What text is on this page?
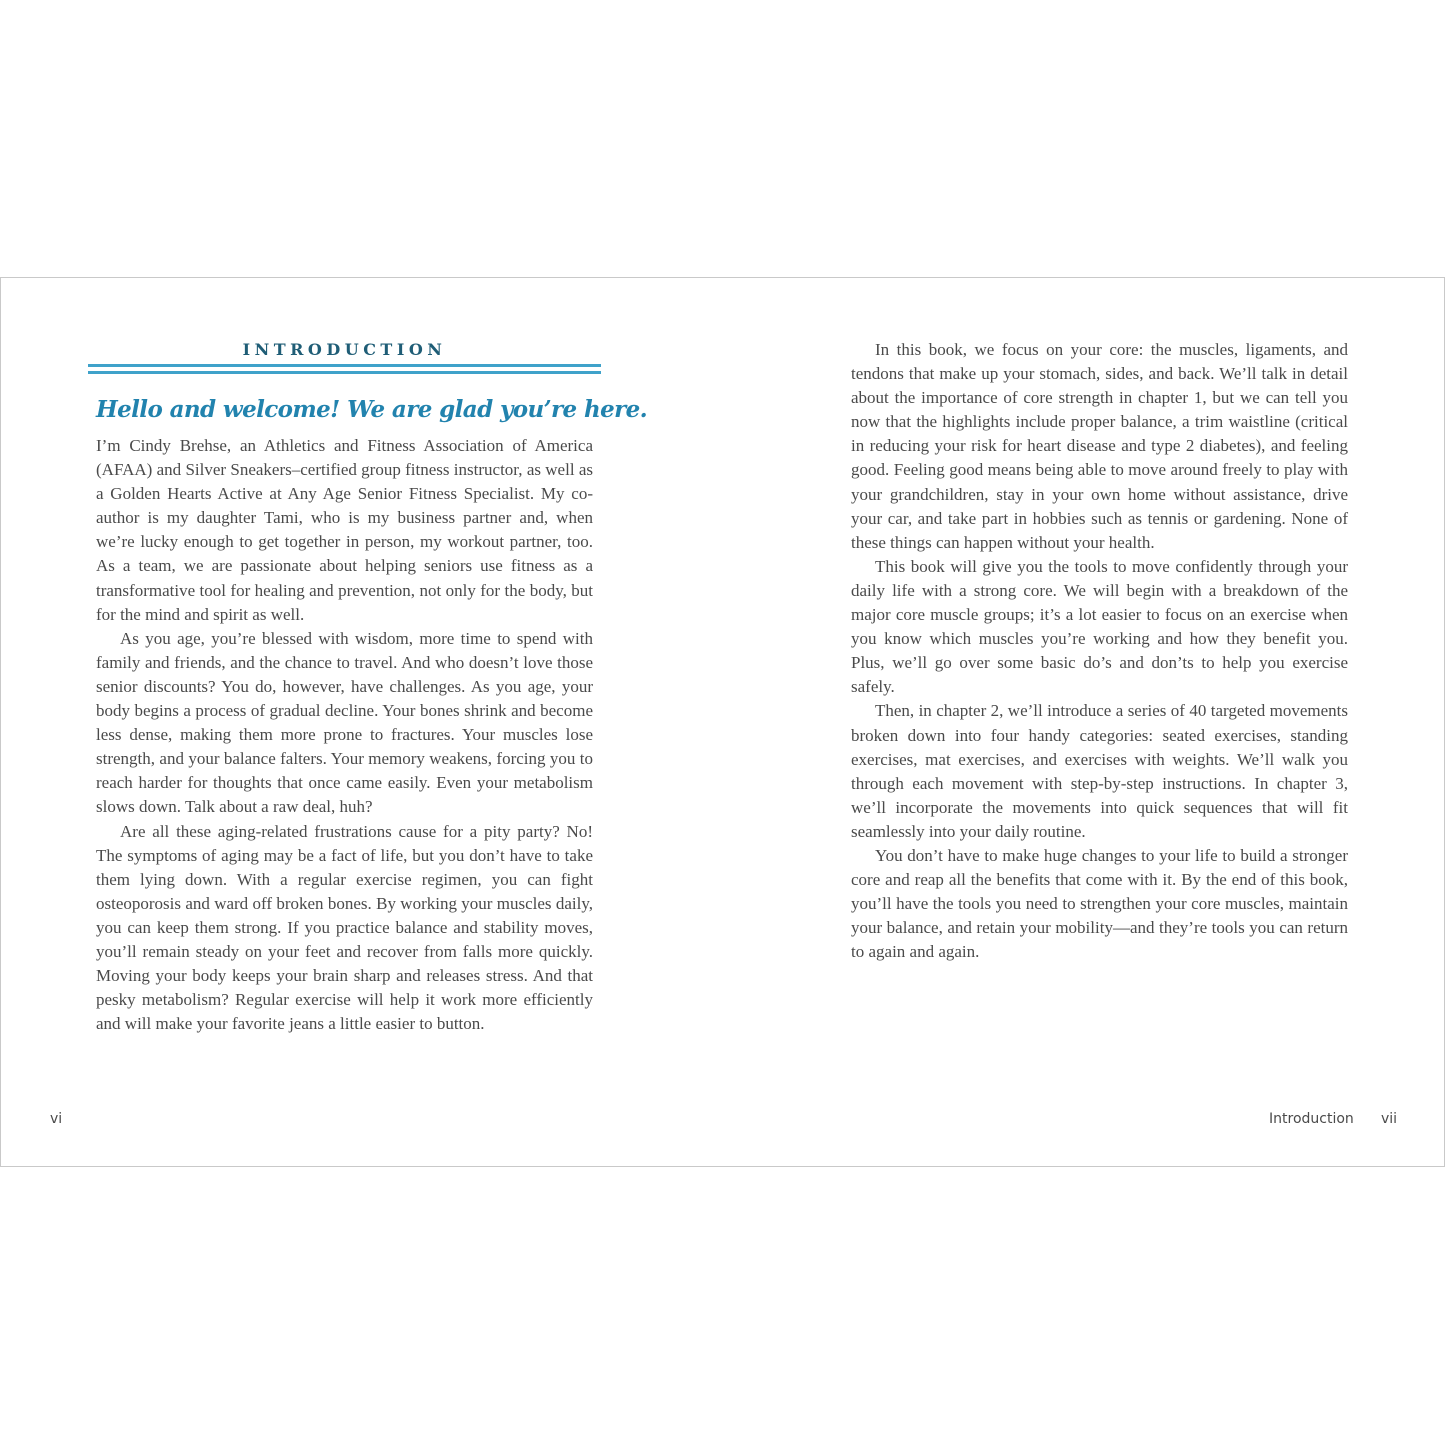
INTRODUCTION
Hello and welcome! We are glad you’re here.

I’m Cindy Brehse, an Athletics and Fitness Association of America (AFAA) and Silver Sneakers–certified group fitness instructor, as well as a Golden Hearts Active at Any Age Senior Fitness Specialist. My co-author is my daughter Tami, who is my business partner and, when we’re lucky enough to get together in person, my workout partner, too. As a team, we are passionate about helping seniors use fitness as a transformative tool for healing and prevention, not only for the body, but for the mind and spirit as well.

As you age, you’re blessed with wisdom, more time to spend with family and friends, and the chance to travel. And who doesn’t love those senior discounts? You do, however, have challenges. As you age, your body begins a process of gradual decline. Your bones shrink and become less dense, making them more prone to fractures. Your muscles lose strength, and your balance falters. Your memory weakens, forcing you to reach harder for thoughts that once came easily. Even your metabolism slows down. Talk about a raw deal, huh?

Are all these aging-related frustrations cause for a pity party? No! The symptoms of aging may be a fact of life, but you don’t have to take them lying down. With a regular exercise regimen, you can fight osteoporosis and ward off broken bones. By working your muscles daily, you can keep them strong. If you practice balance and stability moves, you’ll remain steady on your feet and recover from falls more quickly. Moving your body keeps your brain sharp and releases stress. And that pesky metabolism? Regular exercise will help it work more efficiently and will make your favorite jeans a little easier to button.

In this book, we focus on your core: the muscles, ligaments, and tendons that make up your stomach, sides, and back. We’ll talk in detail about the importance of core strength in chapter 1, but we can tell you now that the highlights include proper balance, a trim waistline (critical in reducing your risk for heart disease and type 2 diabetes), and feeling good. Feeling good means being able to move around freely to play with your grandchildren, stay in your own home without assistance, drive your car, and take part in hobbies such as tennis or gardening. None of these things can happen without your health.

This book will give you the tools to move confidently through your daily life with a strong core. We will begin with a breakdown of the major core muscle groups; it’s a lot easier to focus on an exercise when you know which muscles you’re working and how they benefit you. Plus, we’ll go over some basic do’s and don’ts to help you exercise safely.

Then, in chapter 2, we’ll introduce a series of 40 targeted movements broken down into four handy categories: seated exercises, standing exercises, mat exercises, and exercises with weights. We’ll walk you through each movement with step-by-step instructions. In chapter 3, we’ll incorporate the movements into quick sequences that will fit seamlessly into your daily routine.

You don’t have to make huge changes to your life to build a stronger core and reap all the benefits that come with it. By the end of this book, you’ll have the tools you need to strengthen your core muscles, maintain your balance, and retain your mobility—and they’re tools you can return to again and again.

vi	Introduction vii
